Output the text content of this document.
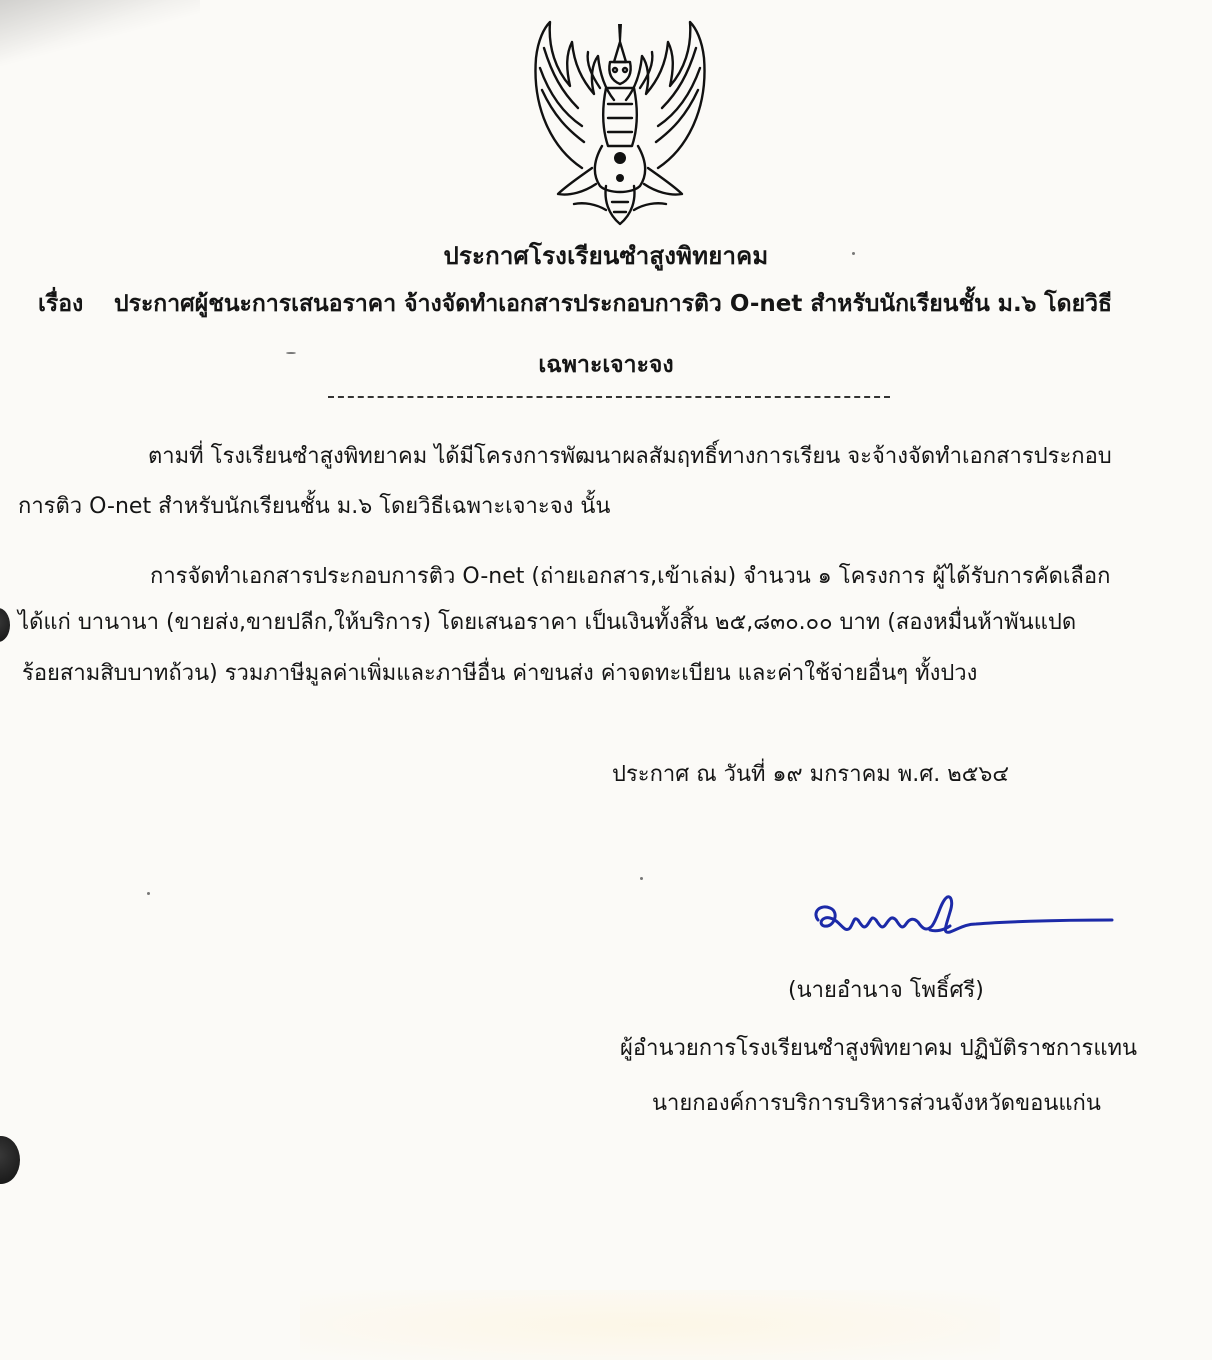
ประกาศโรงเรียนซำสูงพิทยาคม
เรื่อง ประกาศผู้ชนะการเสนอราคา จ้างจัดทำเอกสารประกอบการติว O-net สำหรับนักเรียนชั้น ม.๖ โดยวิธี
เฉพาะเจาะจง
ตามที่ โรงเรียนซำสูงพิทยาคม ได้มีโครงการพัฒนาผลสัมฤทธิ์ทางการเรียน จะจ้างจัดทำเอกสารประกอบ
การติว O-net สำหรับนักเรียนชั้น ม.๖ โดยวิธีเฉพาะเจาะจง นั้น
การจัดทำเอกสารประกอบการติว O-net (ถ่ายเอกสาร,เข้าเล่ม) จำนวน ๑ โครงการ ผู้ได้รับการคัดเลือก
ได้แก่ บานานา (ขายส่ง,ขายปลีก,ให้บริการ) โดยเสนอราคา เป็นเงินทั้งสิ้น ๒๕,๘๓๐.๐๐ บาท (สองหมื่นห้าพันแปด
ร้อยสามสิบบาทถ้วน) รวมภาษีมูลค่าเพิ่มและภาษีอื่น ค่าขนส่ง ค่าจดทะเบียน และค่าใช้จ่ายอื่นๆ ทั้งปวง
ประกาศ ณ วันที่ ๑๙ มกราคม พ.ศ. ๒๕๖๔
(นายอำนาจ โพธิ์ศรี)
ผู้อำนวยการโรงเรียนซำสูงพิทยาคม ปฏิบัติราชการแทน
นายกองค์การบริการบริหารส่วนจังหวัดขอนแก่น
